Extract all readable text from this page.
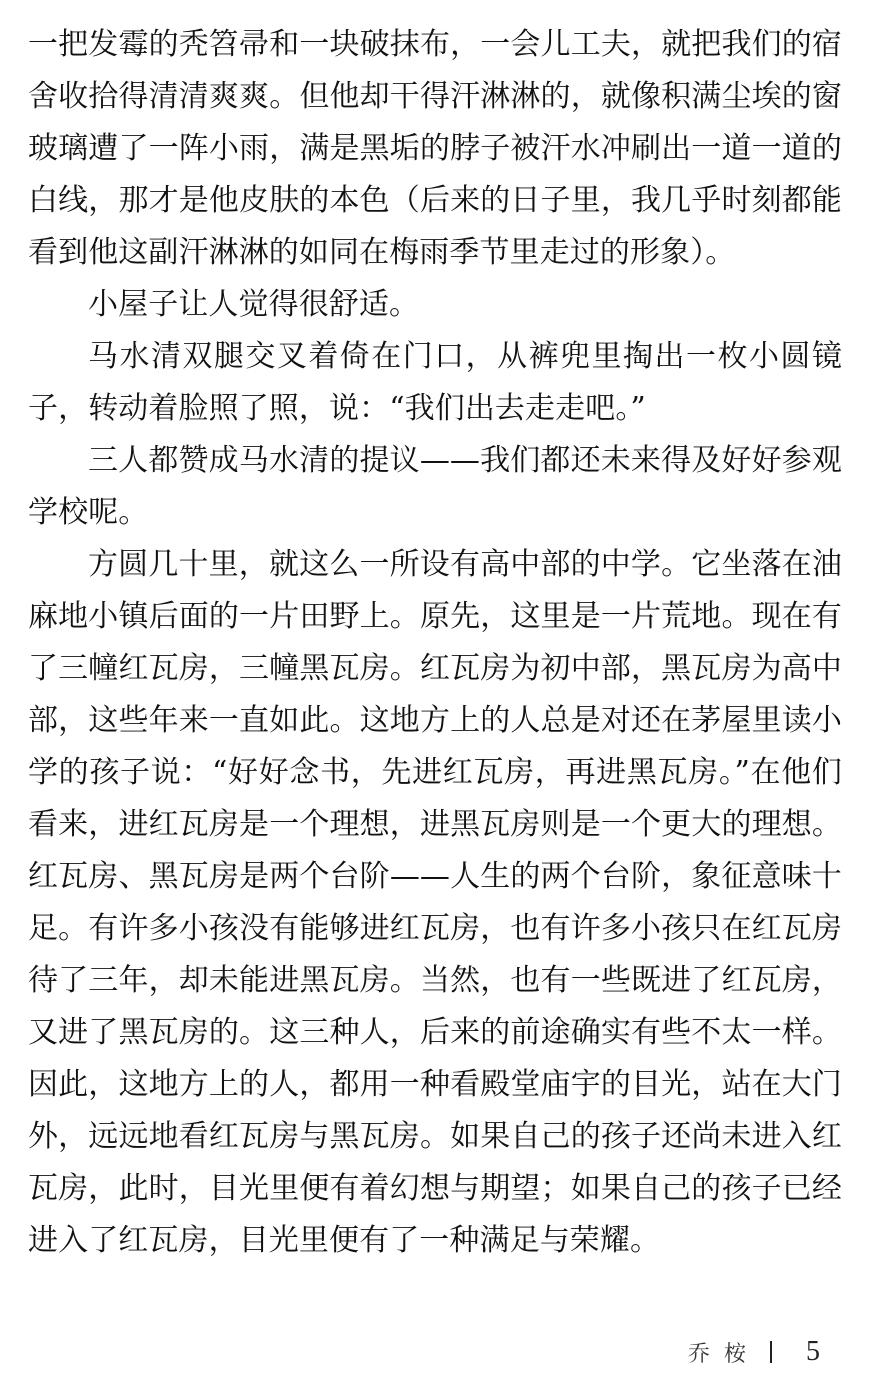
一把发霉的秃笤帚和一块破抹布，一会儿工夫，就把我们的宿舍收拾得清清爽爽。但他却干得汗淋淋的，就像积满尘埃的窗玻璃遭了一阵小雨，满是黑垢的脖子被汗水冲刷出一道一道的白线，那才是他皮肤的本色（后来的日子里，我几乎时刻都能看到他这副汗淋淋的如同在梅雨季节里走过的形象）。

小屋子让人觉得很舒适。

马水清双腿交叉着倚在门口，从裤兜里掏出一枚小圆镜子，转动着脸照了照，说：“我们出去走走吧。”

三人都赞成马水清的提议——我们都还未来得及好好参观学校呢。

方圆几十里，就这么一所设有高中部的中学。它坐落在油麻地小镇后面的一片田野上。原先，这里是一片荒地。现在有了三幢红瓦房，三幢黑瓦房。红瓦房为初中部，黑瓦房为高中部，这些年来一直如此。这地方上的人总是对还在茅屋里读小学的孩子说：“好好念书，先进红瓦房，再进黑瓦房。”在他们看来，进红瓦房是一个理想，进黑瓦房则是一个更大的理想。红瓦房、黑瓦房是两个台阶——人生的两个台阶，象征意味十足。有许多小孩没有能够进红瓦房，也有许多小孩只在红瓦房待了三年，却未能进黑瓦房。当然，也有一些既进了红瓦房，又进了黑瓦房的。这三种人，后来的前途确实有些不太一样。因此，这地方上的人，都用一种看殿堂庙宇的目光，站在大门外，远远地看红瓦房与黑瓦房。如果自己的孩子还尚未进入红瓦房，此时，目光里便有着幻想与期望；如果自己的孩子已经进入了红瓦房，目光里便有了一种满足与荣耀。

乔桉 5
